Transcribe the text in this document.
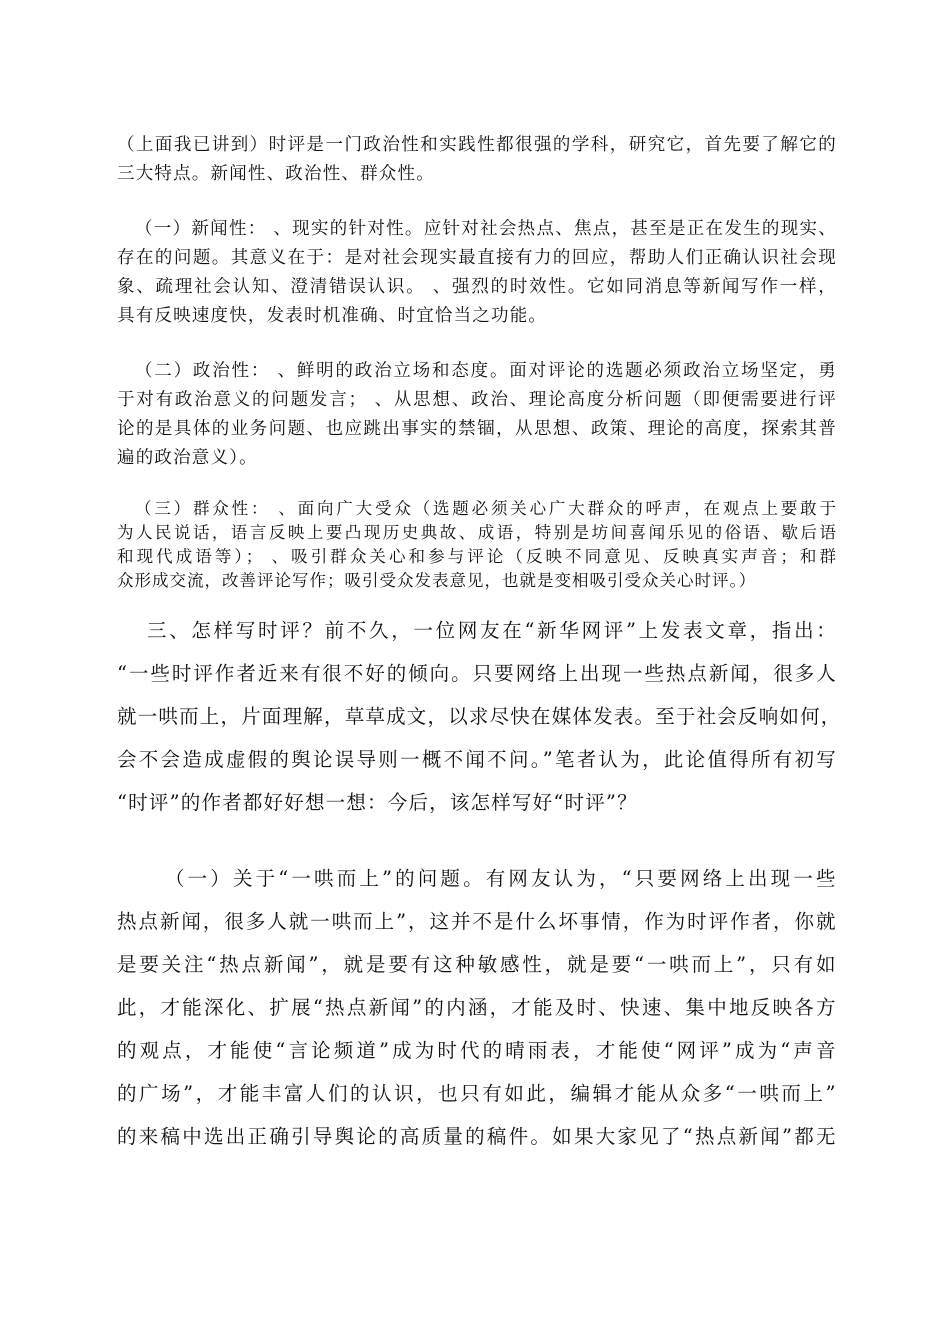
（上面我已讲到）时评是一门政治性和实践性都很强的学科，研究它，首先要了解它的
三大特点。新闻性、政治性、群众性。
（一）新闻性： 、现实的针对性。应针对社会热点、焦点，甚至是正在发生的现实、
存在的问题。其意义在于：是对社会现实最直接有力的回应，帮助人们正确认识社会现
象、疏理社会认知、澄清错误认识。 、强烈的时效性。它如同消息等新闻写作一样，
具有反映速度快，发表时机准确、时宜恰当之功能。
（二）政治性： 、鲜明的政治立场和态度。面对评论的选题必须政治立场坚定，勇
于对有政治意义的问题发言； 、从思想、政治、理论高度分析问题（即便需要进行评
论的是具体的业务问题、也应跳出事实的禁锢，从思想、政策、理论的高度，探索其普
遍的政治意义）。
（三）群众性： 、面向广大受众（选题必须关心广大群众的呼声，在观点上要敢于
为人民说话，语言反映上要凸现历史典故、成语，特别是坊间喜闻乐见的俗语、歇后语
和现代成语等）； 、吸引群众关心和参与评论（反映不同意见、反映真实声音；和群
众形成交流，改善评论写作；吸引受众发表意见，也就是变相吸引受众关心时评。）
三、怎样写时评？前不久，一位网友在“新华网评”上发表文章，指出：
“一些时评作者近来有很不好的倾向。只要网络上出现一些热点新闻，很多人
就一哄而上，片面理解，草草成文，以求尽快在媒体发表。至于社会反响如何，
会不会造成虚假的舆论误导则一概不闻不问。”笔者认为，此论值得所有初写
“时评”的作者都好好想一想：今后，该怎样写好“时评”？
（一）关于“一哄而上”的问题。有网友认为，“只要网络上出现一些
热点新闻，很多人就一哄而上”，这并不是什么坏事情，作为时评作者，你就
是要关注“热点新闻”，就是要有这种敏感性，就是要“一哄而上”，只有如
此，才能深化、扩展“热点新闻”的内涵，才能及时、快速、集中地反映各方
的观点，才能使“言论频道”成为时代的晴雨表，才能使“网评”成为“声音
的广场”，才能丰富人们的认识，也只有如此，编辑才能从众多“一哄而上”
的来稿中选出正确引导舆论的高质量的稿件。如果大家见了“热点新闻”都无
